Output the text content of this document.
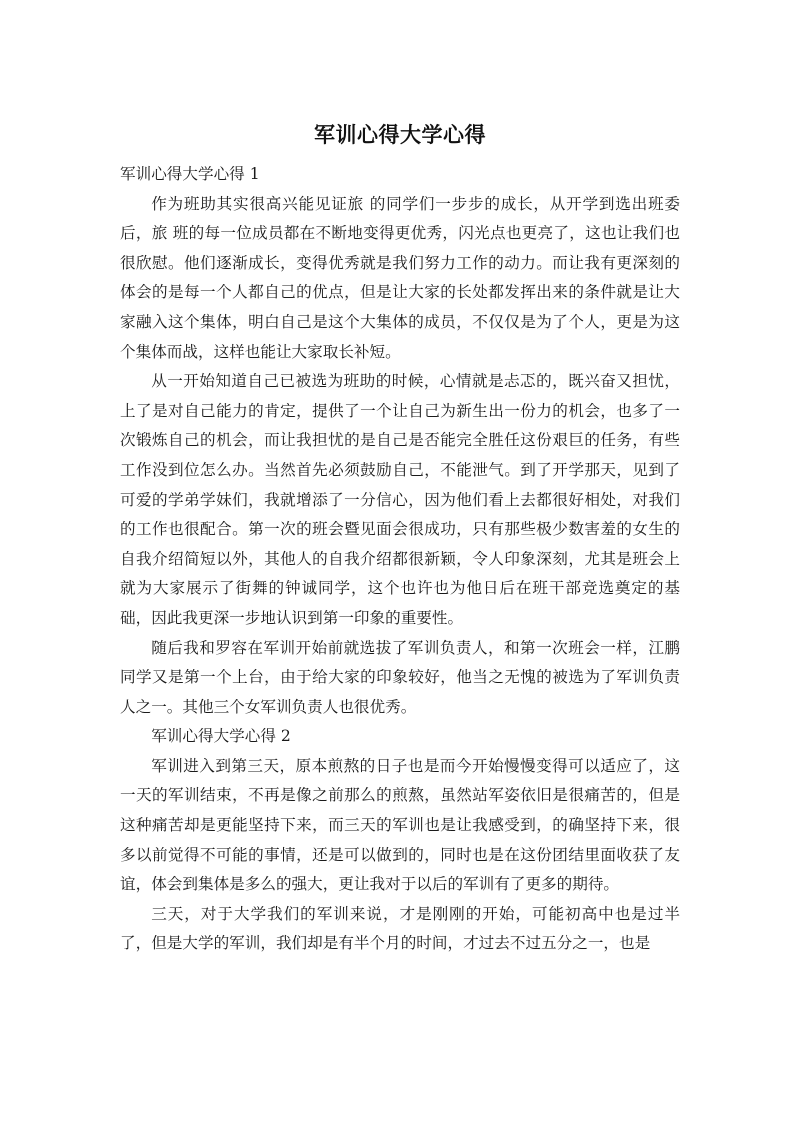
军训心得大学心得

军训心得大学心得 1

作为班助其实很高兴能见证旅 的同学们一步步的成长，从开学到选出班委后，旅 班的每一位成员都在不断地变得更优秀，闪光点也更亮了，这也让我们也很欣慰。他们逐渐成长，变得优秀就是我们努力工作的动力。而让我有更深刻的体会的是每一个人都自己的优点，但是让大家的长处都发挥出来的条件就是让大家融入这个集体，明白自己是这个大集体的成员，不仅仅是为了个人，更是为这个集体而战，这样也能让大家取长补短。

从一开始知道自己已被选为班助的时候，心情就是忐忑的，既兴奋又担忧，上了是对自己能力的肯定，提供了一个让自己为新生出一份力的机会，也多了一次锻炼自己的机会，而让我担忧的是自己是否能完全胜任这份艰巨的任务，有些工作没到位怎么办。当然首先必须鼓励自己，不能泄气。到了开学那天，见到了可爱的学弟学妹们，我就增添了一分信心，因为他们看上去都很好相处，对我们的工作也很配合。第一次的班会暨见面会很成功，只有那些极少数害羞的女生的自我介绍简短以外，其他人的自我介绍都很新颖，令人印象深刻，尤其是班会上就为大家展示了街舞的钟诚同学，这个也许也为他日后在班干部竞选奠定的基础，因此我更深一步地认识到第一印象的重要性。

随后我和罗容在军训开始前就选拔了军训负责人，和第一次班会一样，江鹏同学又是第一个上台，由于给大家的印象较好，他当之无愧的被选为了军训负责人之一。其他三个女军训负责人也很优秀。

军训心得大学心得 2

军训进入到第三天，原本煎熬的日子也是而今开始慢慢变得可以适应了，这一天的军训结束，不再是像之前那么的煎熬，虽然站军姿依旧是很痛苦的，但是这种痛苦却是更能坚持下来，而三天的军训也是让我感受到，的确坚持下来，很多以前觉得不可能的事情，还是可以做到的，同时也是在这份团结里面收获了友谊，体会到集体是多么的强大，更让我对于以后的军训有了更多的期待。

三天，对于大学我们的军训来说，才是刚刚的开始，可能初高中也是过半了，但是大学的军训，我们却是有半个月的时间，才过去不过五分之一，也是
